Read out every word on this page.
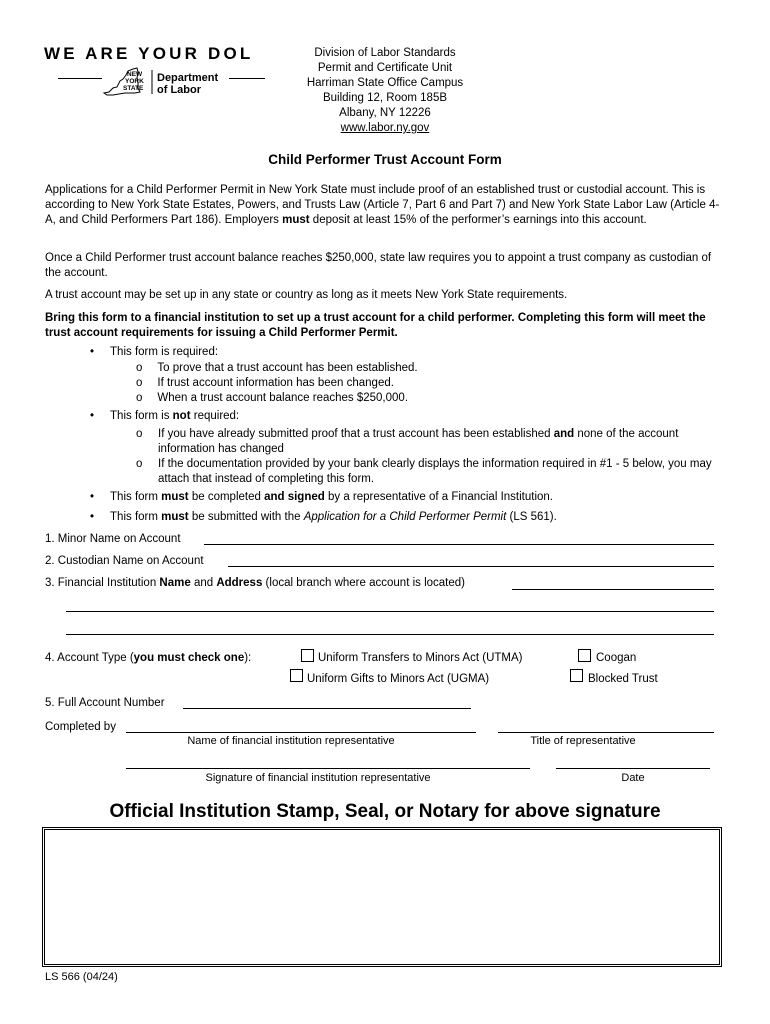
WE ARE YOUR DOL
NEW
YORK
STATE
Department
of Labor
Division of Labor Standards
Permit and Certificate Unit
Harriman State Office Campus
Building 12, Room 185B
Albany, NY 12226
www.labor.ny.gov
Child Performer Trust Account Form
Applications for a Child Performer Permit in New York State must include proof of an established trust or custodial account. This is according to New York State Estates, Powers, and Trusts Law (Article 7, Part 6 and Part 7) and New York State Labor Law (Article 4-A, and Child Performers Part 186). Employers must deposit at least 15% of the performer’s earnings into this account.
Once a Child Performer trust account balance reaches $250,000, state law requires you to appoint a trust company as custodian of the account.
A trust account may be set up in any state or country as long as it meets New York State requirements.
Bring this form to a financial institution to set up a trust account for a child performer. Completing this form will meet the trust account requirements for issuing a Child Performer Permit.
• This form is required:
o To prove that a trust account has been established.
o If trust account information has been changed.
o When a trust account balance reaches $250,000.
• This form is not required:
o If you have already submitted proof that a trust account has been established and none of the account information has changed
o If the documentation provided by your bank clearly displays the information required in #1 - 5 below, you may attach that instead of completing this form.
• This form must be completed and signed by a representative of a Financial Institution.
• This form must be submitted with the Application for a Child Performer Permit (LS 561).
1. Minor Name on Account
2. Custodian Name on Account
3. Financial Institution Name and Address (local branch where account is located)
4. Account Type (you must check one):	Uniform Transfers to Minors Act (UTMA)	Coogan
Uniform Gifts to Minors Act (UGMA)	Blocked Trust
5. Full Account Number
Completed by
Name of financial institution representative	Title of representative
Signature of financial institution representative	Date
Official Institution Stamp, Seal, or Notary for above signature
LS 566 (04/24)
